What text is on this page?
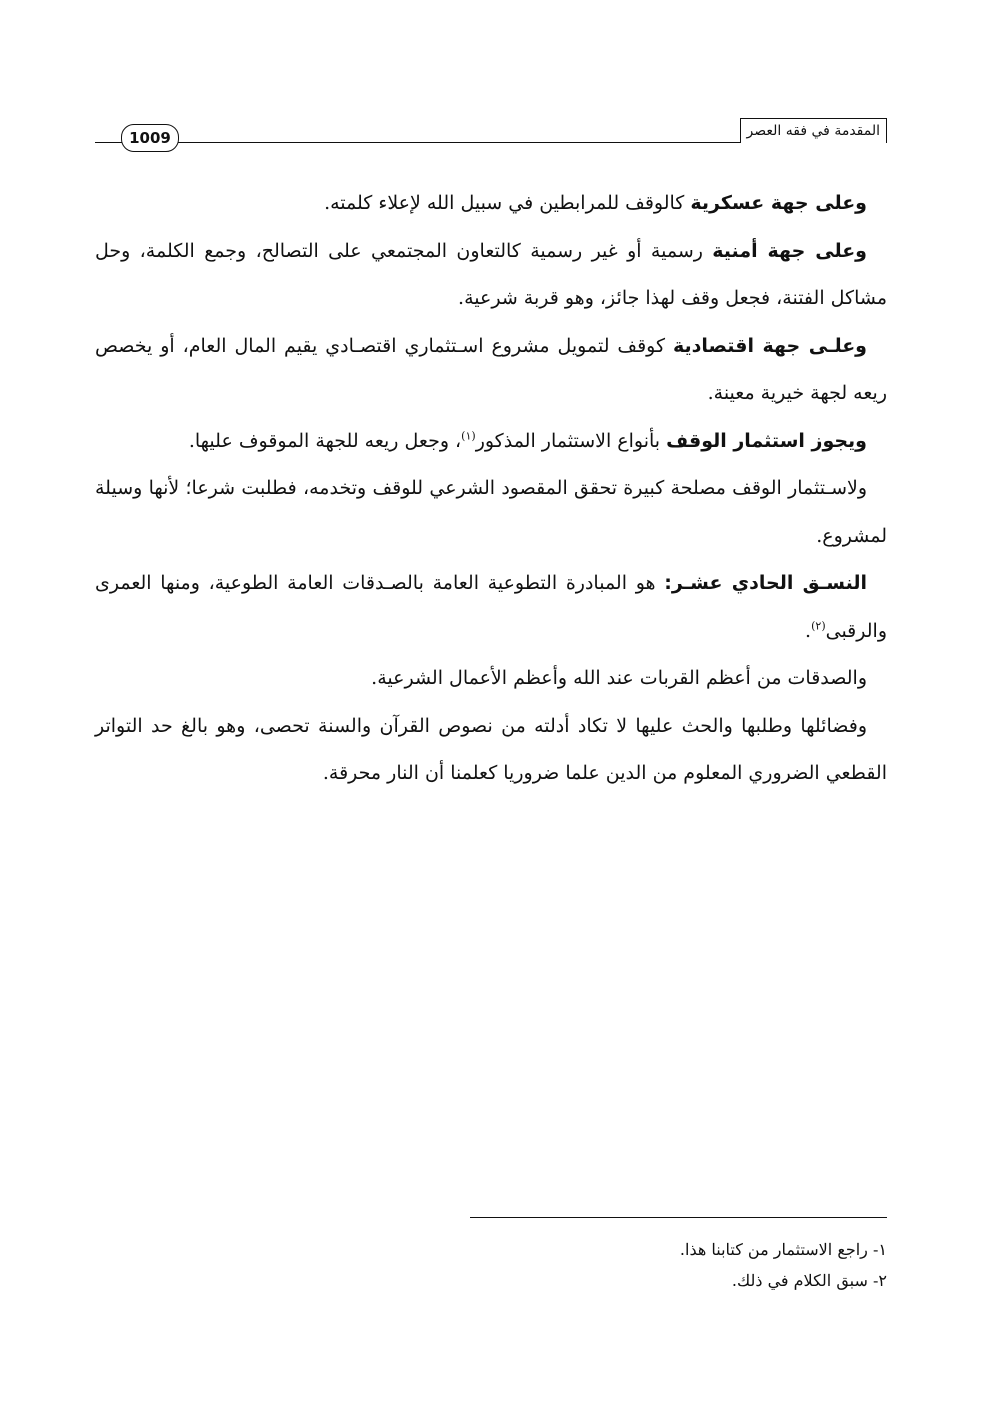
المقدمة في فقه العصر
1009

وعلى جهة عسكرية كالوقف للمرابطين في سبيل الله لإعلاء كلمته.

وعلى جهة أمنية رسمية أو غير رسمية كالتعاون المجتمعي على التصالح، وجمع الكلمة، وحل مشاكل الفتنة، فجعل وقف لهذا جائز، وهو قربة شرعية.

وعلـى جهة اقتصادية كوقف لتمويل مشروع اسـتثماري اقتصـادي يقيم المال العام، أو يخصص ريعه لجهة خيرية معينة.

ويجوز استثمار الوقف بأنواع الاستثمار المذكور$^{(١)}$، وجعل ريعه للجهة الموقوف عليها.

ولاسـتثمار الوقف مصلحة كبيرة تحقق المقصود الشرعي للوقف وتخدمه، فطلبت شرعا؛ لأنها وسيلة لمشروع.

النسـق الحادي عشـر: هو المبادرة التطوعية العامة بالصـدقات العامة الطوعية، ومنها العمرى والرقبى$^{(٢)}$.

والصدقات من أعظم القربات عند الله وأعظم الأعمال الشرعية.

وفضائلها وطلبها والحث عليها لا تكاد أدلته من نصوص القرآن والسنة تحصى، وهو بالغ حد التواتر القطعي الضروري المعلوم من الدين علما ضروريا كعلمنا أن النار محرقة.

١- راجع الاستثمار من كتابنا هذا.

٢- سبق الكلام في ذلك.
